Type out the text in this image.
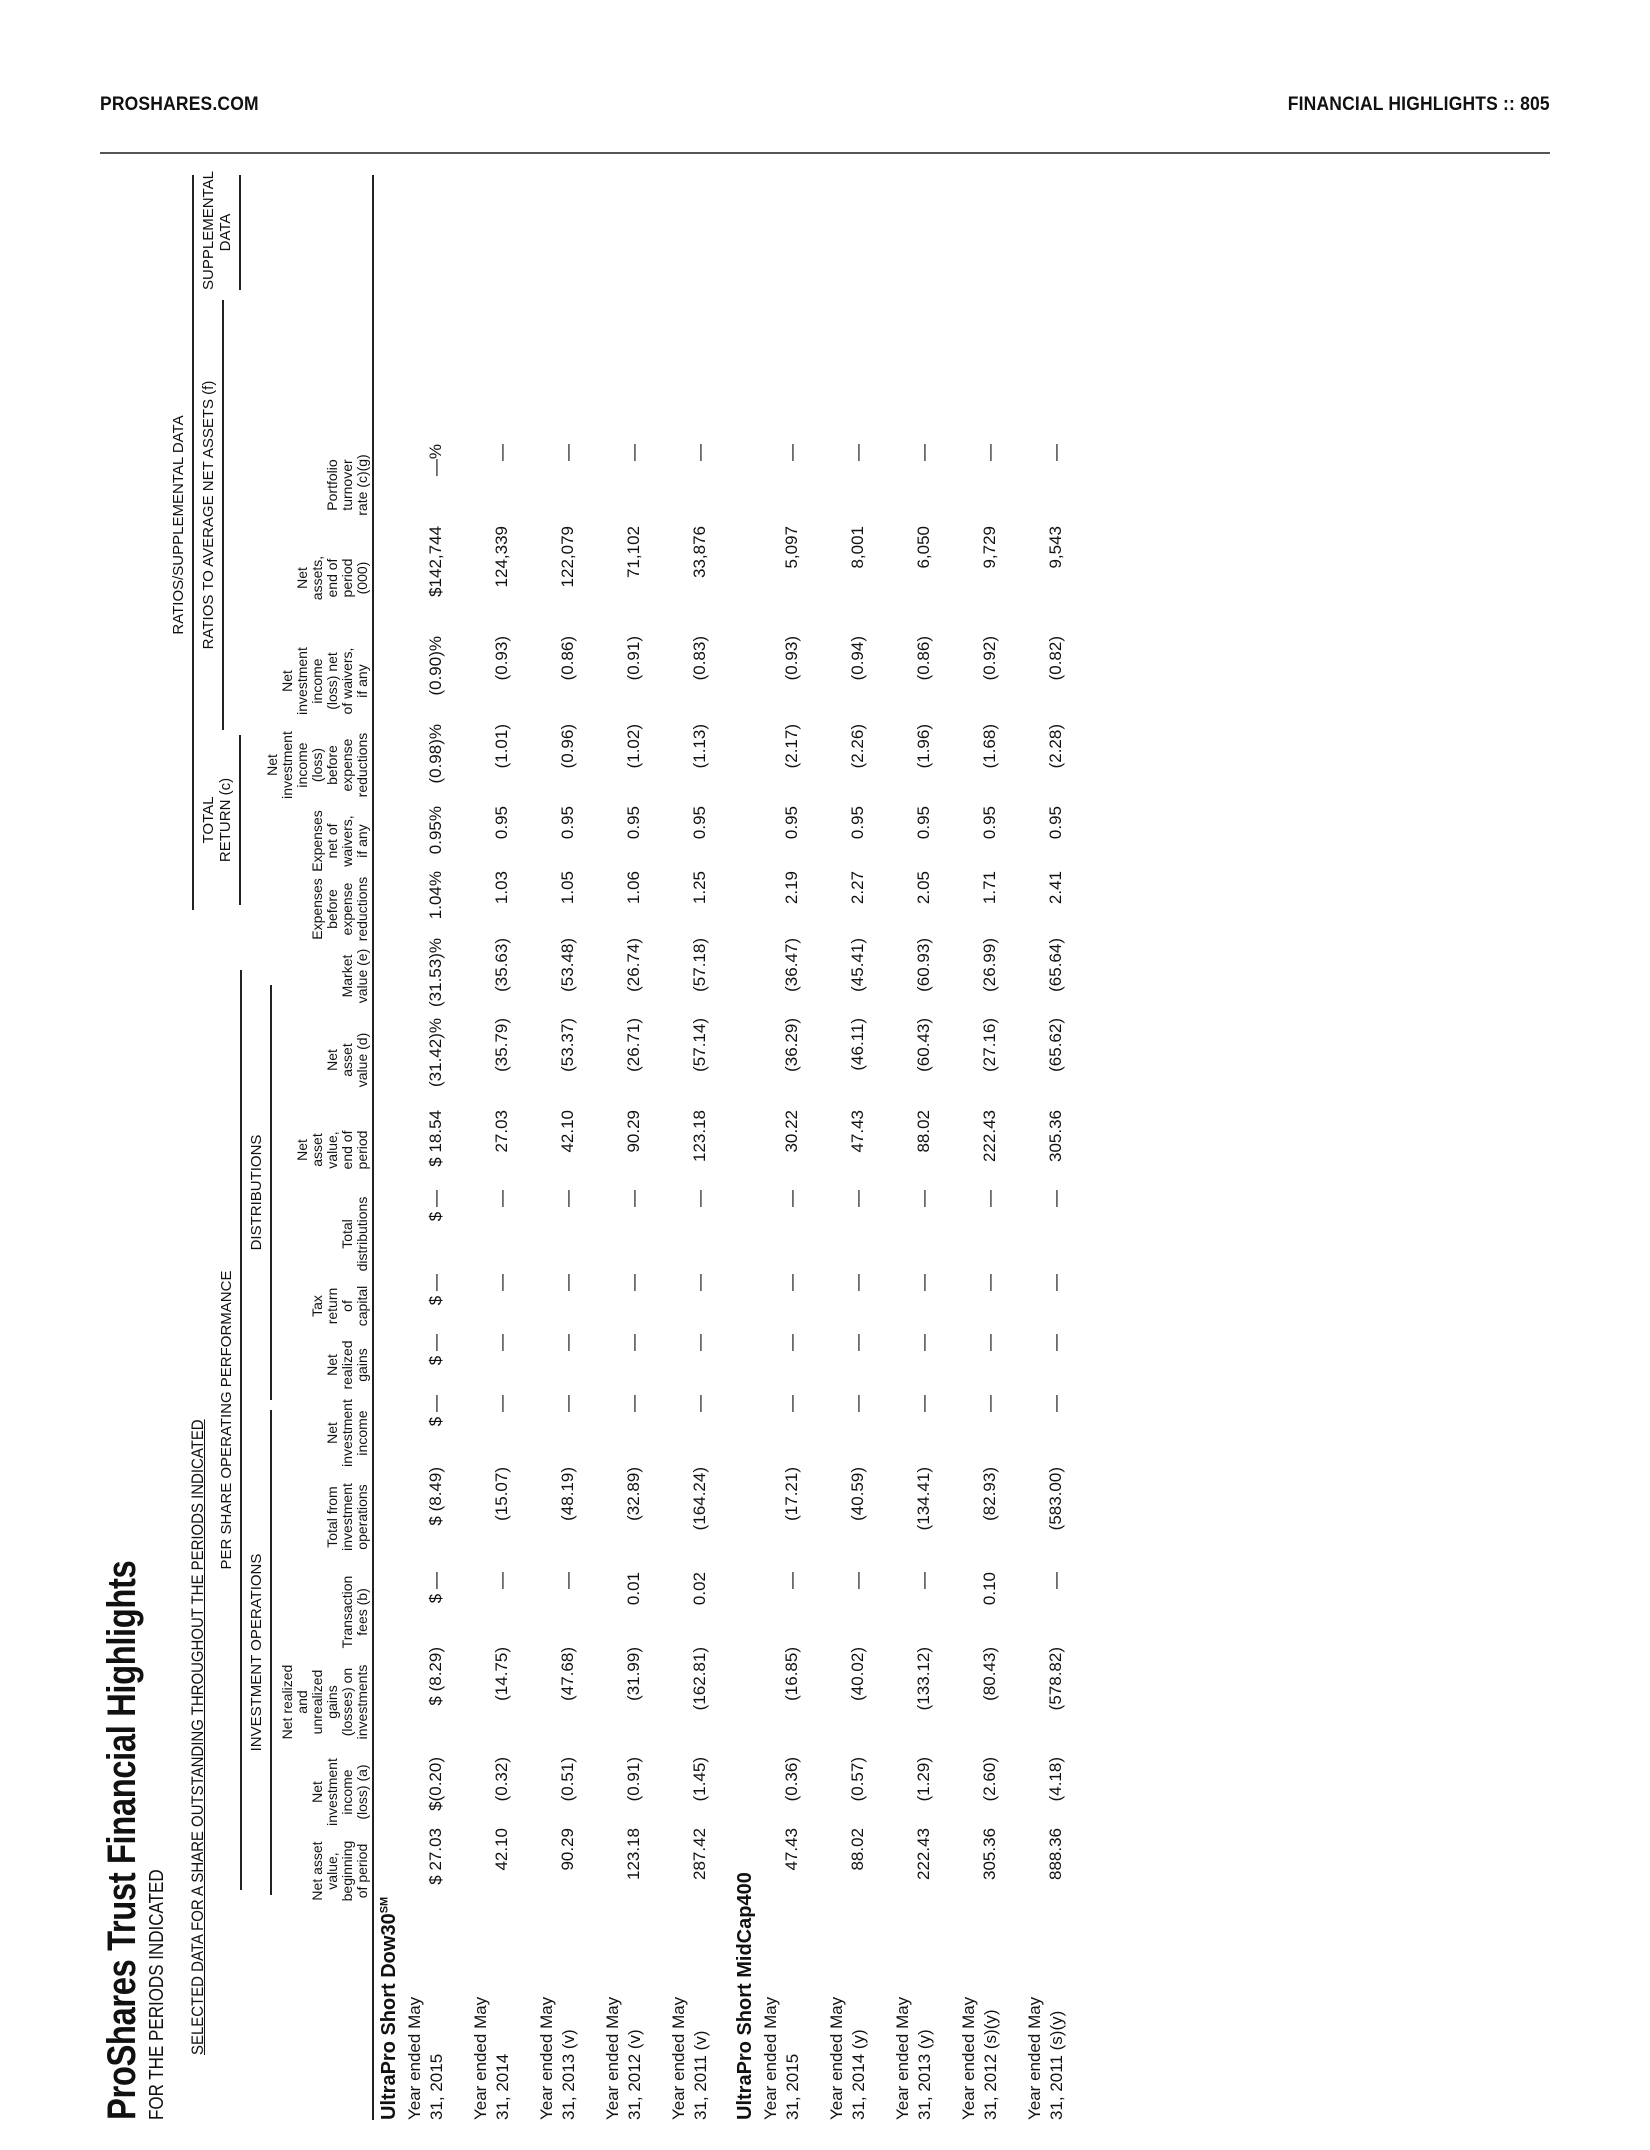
PROSHARES.COM	FINANCIAL HIGHLIGHTS :: 805
ProShares Trust Financial Highlights FOR THE PERIODS INDICATED SELECTED DATA FOR A SHARE OUTSTANDING THROUGHOUT THE PERIODS INDICATED PER SHARE OPERATING PERFORMANCE
INVESTMENT OPERATIONS
DISTRIBUTIONS
RATIOS/SUPPLEMENTAL DATA
TOTAL
RETURN (c)
RATIOS TO AVERAGE NET ASSETS (f)
SUPPLEMENTAL
DATA
Net asset
value,
beginning
of period
Net
investment
income
(loss) (a)
Net realized
and
unrealized
gains
(losses) on
investments
Transaction
fees (b)
Total from
investment
operations
Net
investment
income
Net
realized
gains
Tax
return
of
capital
Total
distributions
Net
asset
value,
end of
period
Net
asset
value (d)
Market
value (e)
Expenses
before
expense
reductions
Expenses
net of
waivers,
if any
Net
investment
income
(loss)
before
expense
reductions
Net
investment
income
(loss) net
of waivers,
if any
Net
assets,
end of
period
(000)
Portfolio
turnover
rate (c)(g)
UltraPro Short Dow30℠
Year ended May
31, 2015
$ 27.03
$(0.20)
$ (8.29)
$ —
$ (8.49)
$ —
$ —
$ —
$ —
$ 18.54
(31.42)%
(31.53)%
1.04%
0.95%
(0.98)%
(0.90)%
$142,744
—%
Year ended May
31, 2014
42.10
(0.32)
(14.75)
—
(15.07)
—
—
—
—
27.03
(35.79)
(35.63)
1.03
0.95
(1.01)
(0.93)
124,339
—
Year ended May
31, 2013 (v)
90.29
(0.51)
(47.68)
—
(48.19)
—
—
—
—
42.10
(53.37)
(53.48)
1.05
0.95
(0.96)
(0.86)
122,079
—
Year ended May
31, 2012 (v)
123.18
(0.91)
(31.99)
0.01
(32.89)
—
—
—
—
90.29
(26.71)
(26.74)
1.06
0.95
(1.02)
(0.91)
71,102
—
Year ended May
31, 2011 (v)
287.42
(1.45)
(162.81)
0.02
(164.24)
—
—
—
—
123.18
(57.14)
(57.18)
1.25
0.95
(1.13)
(0.83)
33,876
—
UltraPro Short MidCap400 Year ended May
31, 2015
47.43
(0.36)
(16.85)
—
(17.21)
—
—
—
—
30.22
(36.29)
(36.47)
2.19
0.95
(2.17)
(0.93)
5,097
—
Year ended May
31, 2014 (y)
88.02
(0.57)
(40.02)
—
(40.59)
—
—
—
—
47.43
(46.11)
(45.41)
2.27
0.95
(2.26)
(0.94)
8,001
—
Year ended May
31, 2013 (y)
222.43
(1.29)
(133.12)
—
(134.41)
—
—
—
—
88.02
(60.43)
(60.93)
2.05
0.95
(1.96)
(0.86)
6,050
—
Year ended May
31, 2012 (s)(y)
305.36
(2.60)
(80.43)
0.10
(82.93)
—
—
—
—
222.43
(27.16)
(26.99)
1.71
0.95
(1.68)
(0.92)
9,729
—
Year ended May
31, 2011 (s)(y)
888.36
(4.18)
(578.82)
—
(583.00)
—
—
—
—
305.36
(65.62)
(65.64)
2.41
0.95
(2.28)
(0.82)
9,543
—
